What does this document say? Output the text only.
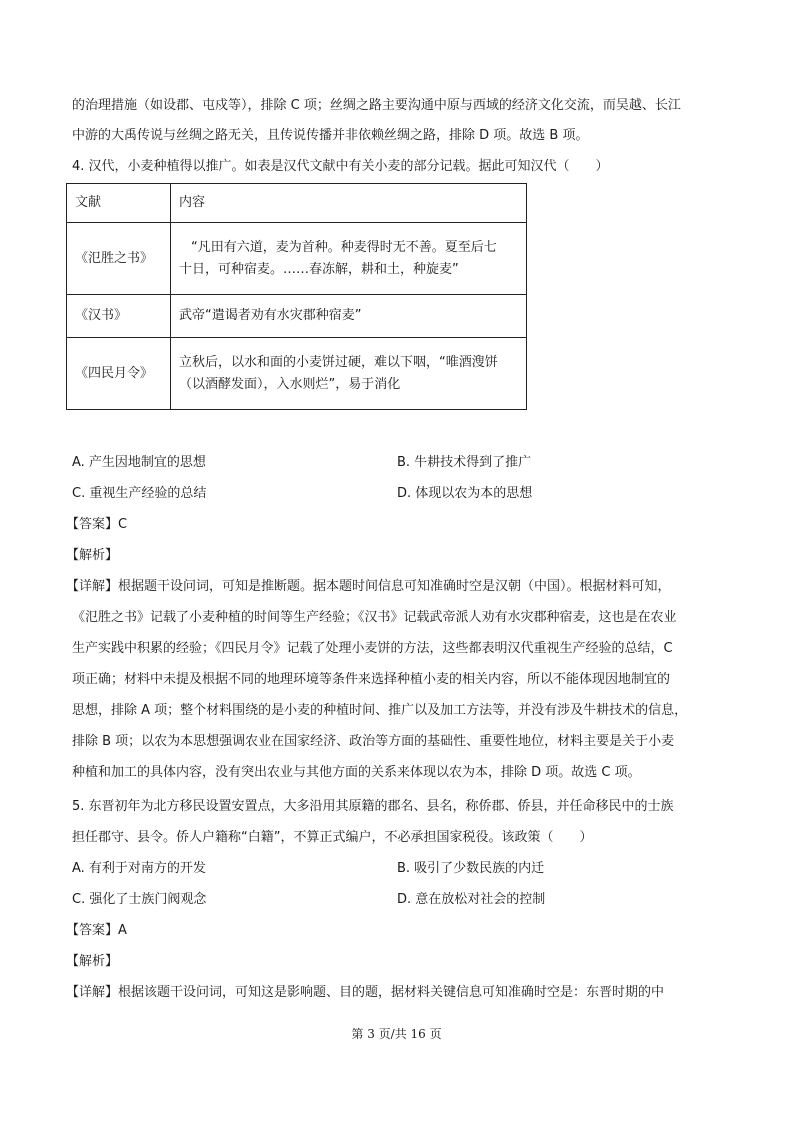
的治理措施（如设郡、屯戍等），排除 C 项；丝绸之路主要沟通中原与西域的经济文化交流，而吴越、长江
中游的大禹传说与丝绸之路无关，且传说传播并非依赖丝绸之路，排除 D 项。故选 B 项。
4. 汉代，小麦种植得以推广。如表是汉代文献中有关小麦的部分记载。据此可知汉代（　　）
文献	内容
《氾胜之书》	“凡田有六道，麦为首种。种麦得时无不善。夏至后七
十日，可种宿麦。……春冻解，耕和土，种旋麦”

《汉书》	武帝“遣谒者劝有水灾郡种宿麦”

《四民月令》	立秋后，以水和面的小麦饼过硬，难以下咽，“唯酒溲饼
（以酒酵发面），入水则烂”，易于消化
A. 产生因地制宜的思想	B. 牛耕技术得到了推广
C. 重视生产经验的总结	D. 体现以农为本的思想
【答案】C
【解析】
【详解】根据题干设问词，可知是推断题。据本题时间信息可知准确时空是汉朝（中国）。根据材料可知，
《氾胜之书》记载了小麦种植的时间等生产经验；《汉书》记载武帝派人劝有水灾郡种宿麦，这也是在农业
生产实践中积累的经验；《四民月令》记载了处理小麦饼的方法，这些都表明汉代重视生产经验的总结，C
项正确；材料中未提及根据不同的地理环境等条件来选择种植小麦的相关内容，所以不能体现因地制宜的
思想，排除 A 项；整个材料围绕的是小麦的种植时间、推广以及加工方法等，并没有涉及牛耕技术的信息，
排除 B 项；以农为本思想强调农业在国家经济、政治等方面的基础性、重要性地位，材料主要是关于小麦
种植和加工的具体内容，没有突出农业与其他方面的关系来体现以农为本，排除 D 项。故选 C 项。
5. 东晋初年为北方移民设置安置点，大多沿用其原籍的郡名、县名，称侨郡、侨县，并任命移民中的士族
担任郡守、县令。侨人户籍称“白籍”，不算正式编户，不必承担国家税役。该政策（　　）
A. 有利于对南方的开发	B. 吸引了少数民族的内迁
C. 强化了士族门阀观念	D. 意在放松对社会的控制
【答案】A
【解析】
【详解】根据该题干设问词，可知这是影响题、目的题，据材料关键信息可知准确时空是：东晋时期的中
第 3 页/共 16 页
